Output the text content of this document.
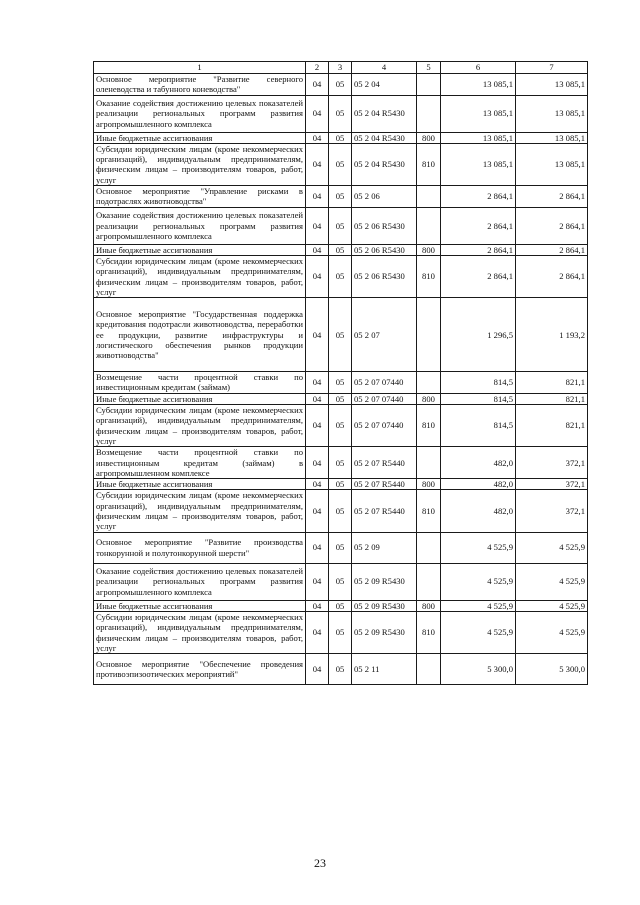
1	2	3	4	5	6	7
Основное мероприятие "Развитие северного оленеводства и табунного коневодства"	04	05	05 2 04		13 085,1	13 085,1
Оказание содействия достижению целевых показателей реализации региональных программ развития агропромышленного комплекса	04	05	05 2 04 R5430		13 085,1	13 085,1
Иные бюджетные ассигнования	04	05	05 2 04 R5430	800	13 085,1	13 085,1
Субсидии юридическим лицам (кроме некоммерческих организаций), индивидуальным предпринимателям, физическим лицам – производителям товаров, работ, услуг	04	05	05 2 04 R5430	810	13 085,1	13 085,1
Основное мероприятие "Управление рисками в подотраслях животноводства"	04	05	05 2 06		2 864,1	2 864,1
Оказание содействия достижению целевых показателей реализации региональных программ развития агропромышленного комплекса	04	05	05 2 06 R5430		2 864,1	2 864,1
Иные бюджетные ассигнования	04	05	05 2 06 R5430	800	2 864,1	2 864,1
Субсидии юридическим лицам (кроме некоммерческих организаций), индивидуальным предпринимателям, физическим лицам – производителям товаров, работ, услуг	04	05	05 2 06 R5430	810	2 864,1	2 864,1
Основное мероприятие "Государственная поддержка кредитования подотрасли животноводства, переработки ее продукции, развитие инфраструктуры и логистического обеспечения рынков продукции животноводства"	04	05	05 2 07		1 296,5	1 193,2
Возмещение части процентной ставки по инвестиционным кредитам (займам)	04	05	05 2 07 07440		814,5	821,1
Иные бюджетные ассигнования	04	05	05 2 07 07440	800	814,5	821,1
Субсидии юридическим лицам (кроме некоммерческих организаций), индивидуальным предпринимателям, физическим лицам – производителям товаров, работ, услуг	04	05	05 2 07 07440	810	814,5	821,1
Возмещение части процентной ставки по инвестиционным кредитам (займам) в агропромышленном комплексе	04	05	05 2 07 R5440		482,0	372,1
Иные бюджетные ассигнования	04	05	05 2 07 R5440	800	482,0	372,1
Субсидии юридическим лицам (кроме некоммерческих организаций), индивидуальным предпринимателям, физическим лицам – производителям товаров, работ, услуг	04	05	05 2 07 R5440	810	482,0	372,1
Основное мероприятие "Развитие производства тонкорунной и полутонкорунной шерсти"	04	05	05 2 09		4 525,9	4 525,9
Оказание содействия достижению целевых показателей реализации региональных программ развития агропромышленного комплекса	04	05	05 2 09 R5430		4 525,9	4 525,9
Иные бюджетные ассигнования	04	05	05 2 09 R5430	800	4 525,9	4 525,9
Субсидии юридическим лицам (кроме некоммерческих организаций), индивидуальным предпринимателям, физическим лицам – производителям товаров, работ, услуг	04	05	05 2 09 R5430	810	4 525,9	4 525,9
Основное мероприятие "Обеспечение проведения противоэпизоотических мероприятий"	04	05	05 2 11		5 300,0	5 300,0
23
